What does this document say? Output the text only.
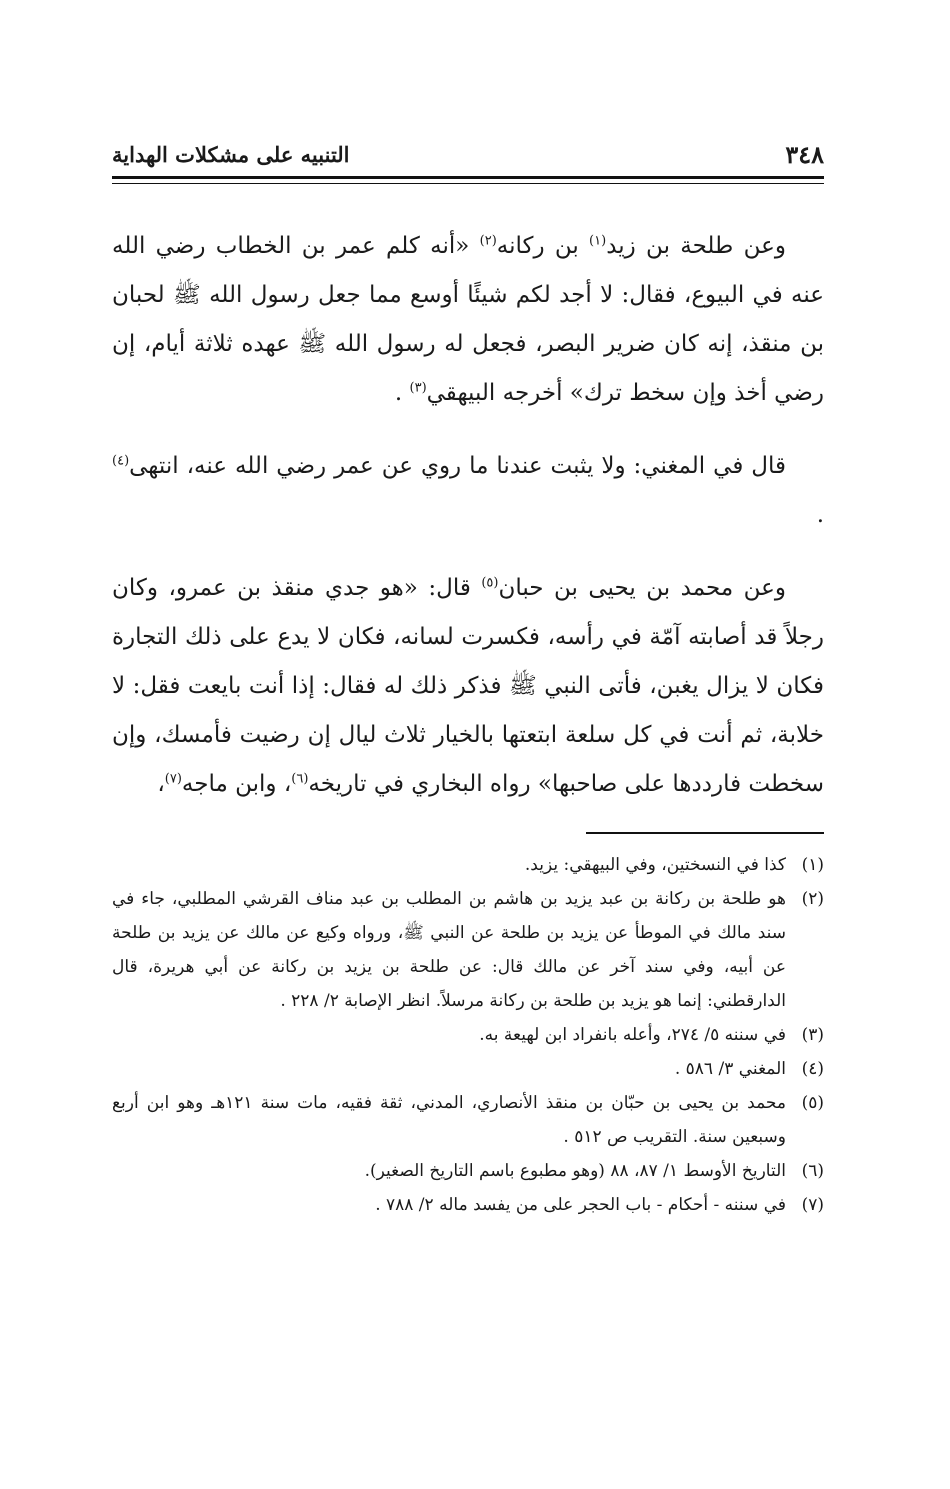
٣٤٨
التنبيه على مشكلات الهداية

وعن طلحة بن زيد$^{(١)}$ بن ركانه$^{(٢)}$ «أنه كلم عمر بن الخطاب رضي الله عنه في البيوع، فقال: لا أجد لكم شيئًا أوسع مما جعل رسول الله ﷺ لحبان بن منقذ، إنه كان ضرير البصر، فجعل له رسول الله ﷺ عهده ثلاثة أيام، إن رضي أخذ وإن سخط ترك» أخرجه البيهقي$^{(٣)}$ .

قال في المغني: ولا يثبت عندنا ما روي عن عمر رضي الله عنه، انتهى$^{(٤)}$ .

وعن محمد بن يحيى بن حبان$^{(٥)}$ قال: «هو جدي منقذ بن عمرو، وكان رجلاً قد أصابته آمّة في رأسه، فكسرت لسانه، فكان لا يدع على ذلك التجارة فكان لا يزال يغبن، فأتى النبي ﷺ فذكر ذلك له فقال: إذا أنت بايعت فقل: لا خلابة، ثم أنت في كل سلعة ابتعتها بالخيار ثلاث ليال إن رضيت فأمسك، وإن سخطت فارددها على صاحبها» رواه البخاري في تاريخه$^{(٦)}$، وابن ماجه$^{(٧)}$،

(١)
كذا في النسختين، وفي البيهقي: يزيد.
(٢)
هو طلحة بن ركانة بن عبد يزيد بن هاشم بن المطلب بن عبد مناف القرشي المطلبي، جاء في سند مالك في الموطأ عن يزيد بن طلحة عن النبي ﷺ، ورواه وكيع عن مالك عن يزيد بن طلحة عن أبيه، وفي سند آخر عن مالك قال: عن طلحة بن يزيد بن ركانة عن أبي هريرة، قال الدارقطني: إنما هو يزيد بن طلحة بن ركانة مرسلاً. انظر الإصابة ٢/ ٢٢٨ .
(٣)
في سننه ٥/ ٢٧٤، وأعله بانفراد ابن لهيعة به.
(٤)
المغني ٣/ ٥٨٦ .
(٥)
محمد بن يحيى بن حبّان بن منقذ الأنصاري، المدني، ثقة فقيه، مات سنة ١٢١هـ وهو ابن أربع وسبعين سنة. التقريب ص ٥١٢ .
(٦)
التاريخ الأوسط ١/ ٨٧، ٨٨ (وهو مطبوع باسم التاريخ الصغير).
(٧)
في سننه - أحكام - باب الحجر على من يفسد ماله ٢/ ٧٨٨ .
